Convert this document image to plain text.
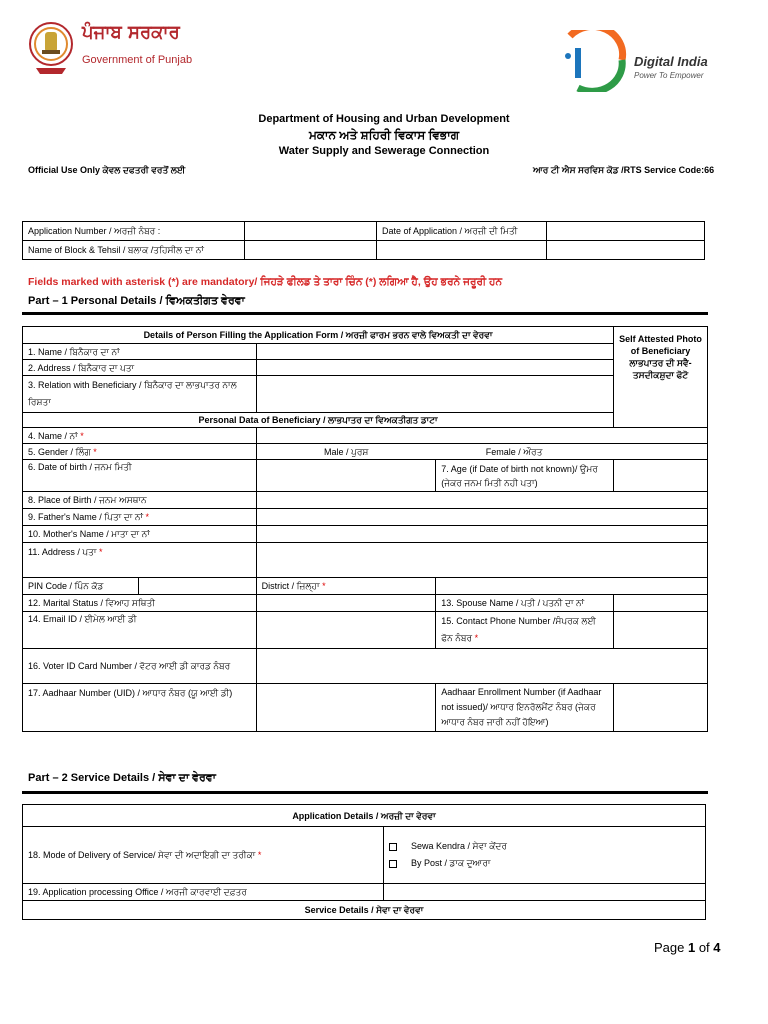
ਪੰਜਾਬ ਸਰਕਾਰ
Government of Punjab	Digital India
Power To Empower
Department of Housing and Urban Development
ਮਕਾਨ ਅਤੇ ਸ਼ਹਿਰੀ ਵਿਕਾਸ ਵਿਭਾਗ
Water Supply and Sewerage Connection
Official Use Only ਕੇਵਲ ਦਫਤਰੀ ਵਰਤੋਂ ਲਈ	ਆਰ ਟੀ ਐਸ ਸਰਵਿਸ ਕੋਡ /RTS Service Code:66
Application Number / ਅਰਜ਼ੀ ਨੰਬਰ :		Date of Application / ਅਰਜ਼ੀ ਦੀ ਮਿਤੀ	
Name of Block & Tehsil / ਬਲਾਕ /ਤਹਿਸੀਲ ਦਾ ਨਾਂ			
Fields marked with asterisk (*) are mandatory/ ਜਿਹੜੇ ਫੀਲਡ ਤੇ ਤਾਰਾ ਚਿੰਨ (*) ਲਗਿਆ ਹੈ, ਉਹ ਭਰਨੇ ਜਰੂਰੀ ਹਨ
Part – 1 Personal Details / ਵਿਅਕਤੀਗਤ ਵੇਰਵਾ
Details of Person Filling the Application Form / ਅਰਜ਼ੀ ਫਾਰਮ ਭਰਨ ਵਾਲੇ ਵਿਅਕਤੀ ਦਾ ਵੇਰਵਾ				Self Attested Photo of Beneficiary
ਲਾਭਪਾਤਰ ਦੀ ਸਵੈ-ਤਸਦੀਕਸ਼ੁਦਾ ਫੋਟੋ

1. Name / ਬਿਨੈਕਾਰ ਦਾ ਨਾਂ				
2. Address / ਬਿਨੈਕਾਰ ਦਾ ਪਤਾ				
3. Relation with Beneficiary / ਬਿਨੈਕਾਰ ਦਾ ਲਾਭਪਾਤਰ ਨਾਲ ਰਿਸ਼ਤਾ				
Personal Data of Beneficiary / ਲਾਭਪਾਤਰ ਦਾ ਵਿਅਕਤੀਗਤ ਡਾਟਾ				
4. Name / ਨਾਂ *				
5. Gender / ਲਿੰਗ *		Male / ਪੁਰਸ਼	Female / ਔਰਤ	
6. Date of birth / ਜਨਮ ਮਿਤੀ			7. Age (if Date of birth not known)/ ਉਮਰ (ਜੇਕਰ ਜਨਮ ਮਿਤੀ ਨਹੀ ਪਤਾ)	
8. Place of Birth / ਜਨਮ ਅਸਥਾਨ				
9. Father's Name / ਪਿਤਾ ਦਾ ਨਾਂ *				
10. Mother's Name / ਮਾਤਾ ਦਾ ਨਾਂ				
11. Address / ਪਤਾ *				
PIN Code / ਪਿੰਨ ਕੋਡ		District / ਜ਼ਿਲ੍ਹਾ *		
12. Marital Status / ਵਿਆਹ ਸਥਿਤੀ			13. Spouse Name / ਪਤੀ / ਪਤਨੀ ਦਾ ਨਾਂ	
14. Email ID / ਈਮੇਲ ਆਈ ਡੀ			15. Contact Phone Number /ਸੰਪਰਕ ਲਈ ਫੋਨ ਨੰਬਰ *	
16. Voter ID Card Number / ਵੋਟਰ ਆਈ ਡੀ ਕਾਰਡ ਨੰਬਰ				
17. Aadhaar Number (UID) / ਆਧਾਰ ਨੰਬਰ (ਯੂ ਆਈ ਡੀ)			Aadhaar Enrollment Number (if Aadhaar not issued)/ ਆਧਾਰ ਇਨਰੋਲਮੈਂਟ ਨੰਬਰ (ਜੇਕਰ ਆਧਾਰ ਨੰਬਰ ਜਾਰੀ ਨਹੀਂ ਹੋਇਆ)	
Part – 2 Service Details / ਸੇਵਾ ਦਾ ਵੇਰਵਾ
Application Details / ਅਰਜ਼ੀ ਦਾ ਵੇਰਵਾ	
18. Mode of Delivery of Service/ ਸੇਵਾ ਦੀ ਅਦਾਇਗੀ ਦਾ ਤਰੀਕਾ *	Sewa Kendra / ਸੇਵਾ ਕੇਂਦਰ
By Post / ਡਾਕ ਦੁਆਰਾ

19. Application processing Office / ਅਰਜੀ ਕਾਰਵਾਈ ਦਫ਼ਤਰ	
Service Details / ਸੇਵਾ ਦਾ ਵੇਰਵਾ	
Page 1 of 4
